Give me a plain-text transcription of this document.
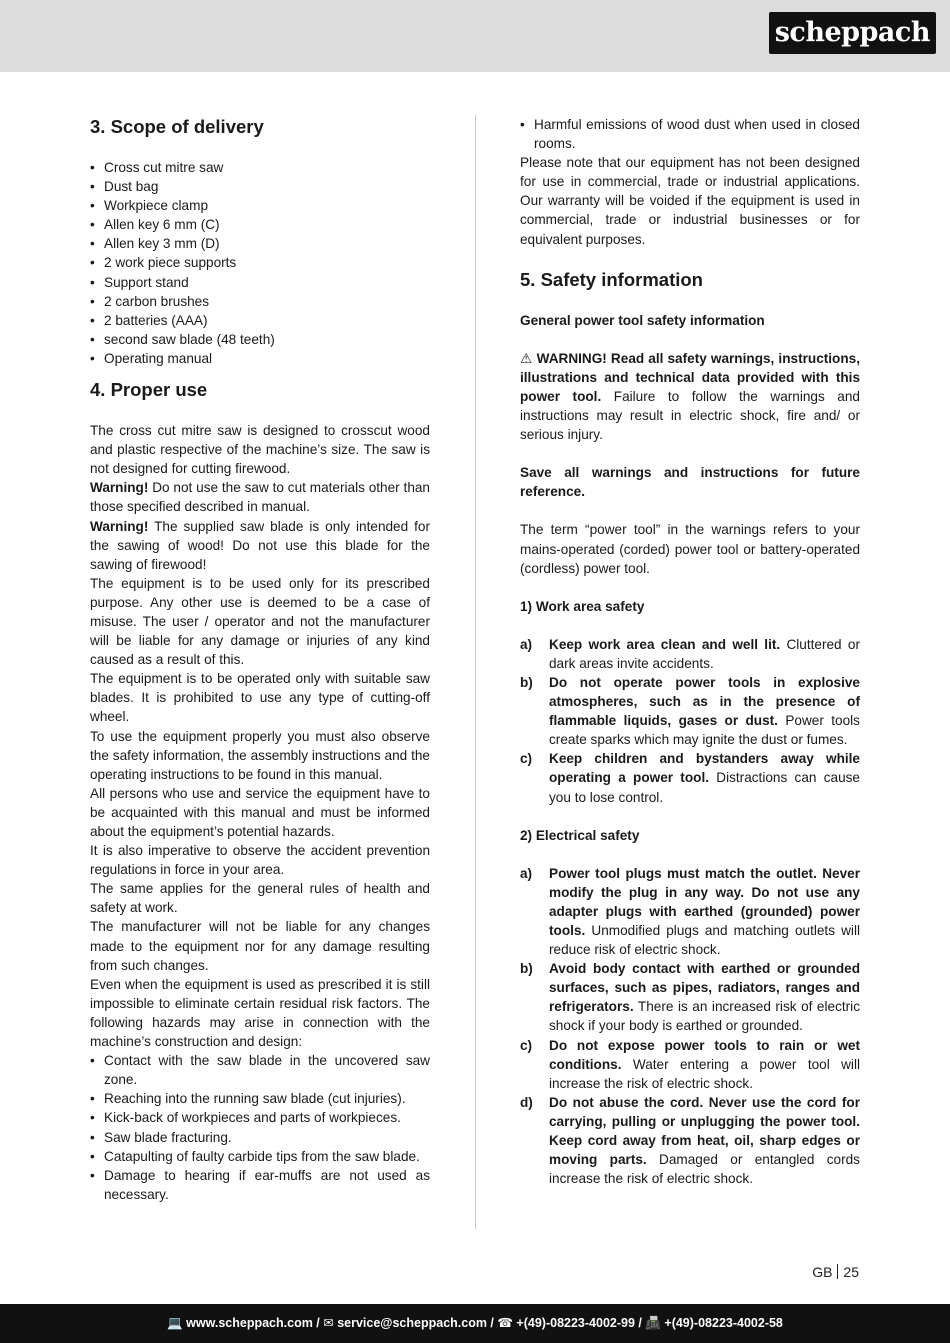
scheppach
3. Scope of delivery
• Cross cut mitre saw
• Dust bag
• Workpiece clamp
• Allen key 6 mm (C)
• Allen key 3 mm (D)
• 2 work piece supports
• Support stand
• 2 carbon brushes
• 2 batteries (AAA)
• second saw blade (48 teeth)
• Operating manual
4. Proper use

The cross cut mitre saw is designed to crosscut wood and plastic respective of the machine’s size. The saw is not designed for cutting firewood.

Warning! Do not use the saw to cut materials other than those specified described in manual.

Warning! The supplied saw blade is only intended for the sawing of wood! Do not use this blade for the sawing of firewood!

The equipment is to be used only for its prescribed purpose. Any other use is deemed to be a case of misuse. The user / operator and not the manufacturer will be liable for any damage or injuries of any kind caused as a result of this.

The equipment is to be operated only with suitable saw blades. It is prohibited to use any type of cutting-off wheel.

To use the equipment properly you must also observe the safety information, the assembly instructions and the operating instructions to be found in this manual.

All persons who use and service the equipment have to be acquainted with this manual and must be informed about the equipment’s potential hazards.

It is also imperative to observe the accident prevention regulations in force in your area.

The same applies for the general rules of health and safety at work.

The manufacturer will not be liable for any changes made to the equipment nor for any damage resulting from such changes.

Even when the equipment is used as prescribed it is still impossible to eliminate certain residual risk factors. The following hazards may arise in connection with the machine’s construction and design:

• Contact with the saw blade in the uncovered saw zone.
• Reaching into the running saw blade (cut injuries).
• Kick-back of workpieces and parts of workpieces.
• Saw blade fracturing.
• Catapulting of faulty carbide tips from the saw blade.
• Damage to hearing if ear-muffs are not used as necessary.
• Harmful emissions of wood dust when used in closed rooms.

Please note that our equipment has not been designed for use in commercial, trade or industrial applications. Our warranty will be voided if the equipment is used in commercial, trade or industrial businesses or for equivalent purposes.

5. Safety information

General power tool safety information

⚠ WARNING! Read all safety warnings, instructions, illustrations and technical data provided with this power tool. Failure to follow the warnings and instructions may result in electric shock, fire and/ or serious injury.

Save all warnings and instructions for future reference.

The term “power tool” in the warnings refers to your mains-operated (corded) power tool or battery-operated (cordless) power tool.

1) Work area safety

a) Keep work area clean and well lit. Cluttered or dark areas invite accidents.
b) Do not operate power tools in explosive atmospheres, such as in the presence of flammable liquids, gases or dust. Power tools create sparks which may ignite the dust or fumes.
c) Keep children and bystanders away while operating a power tool. Distractions can cause you to lose control.

2) Electrical safety

a) Power tool plugs must match the outlet. Never modify the plug in any way. Do not use any adapter plugs with earthed (grounded) power tools. Unmodified plugs and matching outlets will reduce risk of electric shock.
b) Avoid body contact with earthed or grounded surfaces, such as pipes, radiators, ranges and refrigerators. There is an increased risk of electric shock if your body is earthed or grounded.
c) Do not expose power tools to rain or wet conditions. Water entering a power tool will increase the risk of electric shock.
d) Do not abuse the cord. Never use the cord for carrying, pulling or unplugging the power tool. Keep cord away from heat, oil, sharp edges or moving parts. Damaged or entangled cords increase the risk of electric shock.
GB 25
💻 www.scheppach.com / ✉ service@scheppach.com / ☎ +(49)-08223-4002-99 / 📠 +(49)-08223-4002-58
